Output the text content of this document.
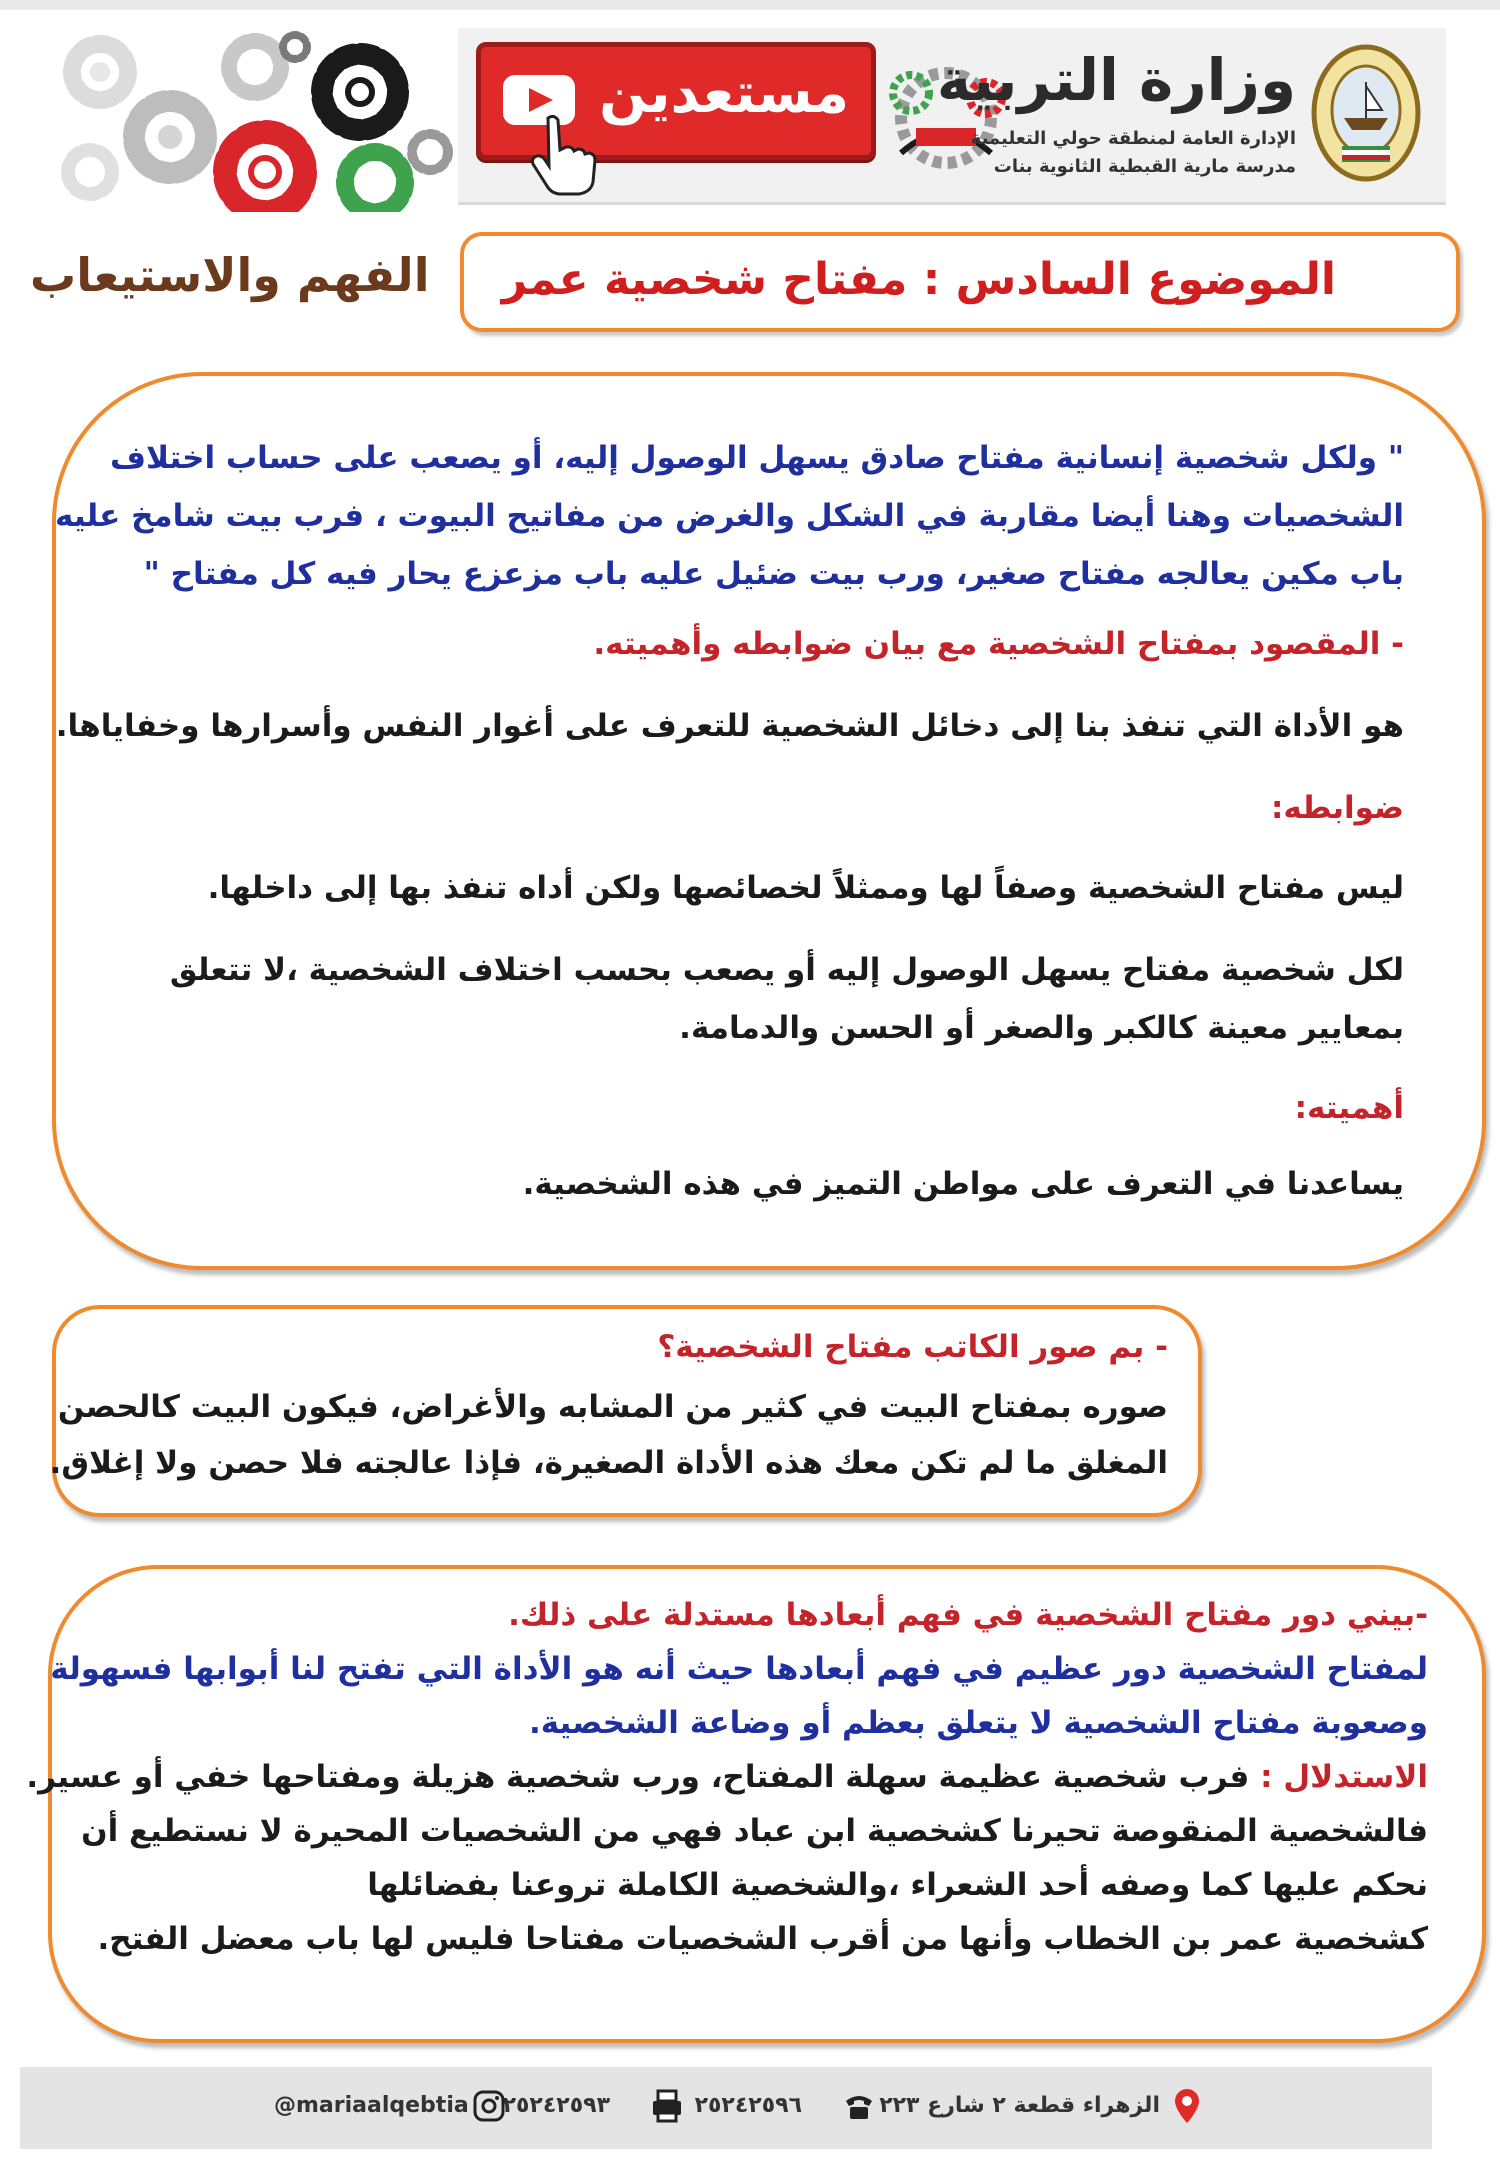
مستعدين وزارة التربية
الإدارة العامة لمنطقة حولي التعليمية
مدرسة مارية القبطية الثانوية بنات
الفهم والاستيعاب الموضوع السادس : مفتاح شخصية عمر
" ولكل شخصية إنسانية مفتاح صادق يسهل الوصول إليه، أو يصعب على حساب اختلاف
الشخصيات وهنا أيضا مقاربة في الشكل والغرض من مفاتيح البيوت ، فرب بيت شامخ عليه
باب مكين يعالجه مفتاح صغير، ورب بيت ضئيل عليه باب مزعزع يحار فيه كل مفتاح "
- المقصود بمفتاح الشخصية مع بيان ضوابطه وأهميته.
هو الأداة التي تنفذ بنا إلى دخائل الشخصية للتعرف على أغوار النفس وأسرارها وخفاياها.
ضوابطه:
ليس مفتاح الشخصية وصفاً لها وممثلاً لخصائصها ولكن أداه تنفذ بها إلى داخلها.
لكل شخصية مفتاح يسهل الوصول إليه أو يصعب بحسب اختلاف الشخصية ،لا تتعلق
بمعايير معينة كالكبر والصغر أو الحسن والدمامة.
أهميته:
يساعدنا في التعرف على مواطن التميز في هذه الشخصية.
- بم صور الكاتب مفتاح الشخصية؟
صوره بمفتاح البيت في كثير من المشابه والأغراض، فيكون البيت كالحصن
المغلق ما لم تكن معك هذه الأداة الصغيرة، فإذا عالجته فلا حصن ولا إغلاق.
-بيني دور مفتاح الشخصية في فهم أبعادها مستدلة على ذلك.
لمفتاح الشخصية دور عظيم في فهم أبعادها حيث أنه هو الأداة التي تفتح لنا أبوابها فسهولة
وصعوبة مفتاح الشخصية لا يتعلق بعظم أو وضاعة الشخصية.
الاستدلال : فرب شخصية عظيمة سهلة المفتاح، ورب شخصية هزيلة ومفتاحها خفي أو عسير.
فالشخصية المنقوصة تحيرنا كشخصية ابن عباد فهي من الشخصيات المحيرة لا نستطيع أن
نحكم عليها كما وصفه أحد الشعراء ،والشخصية الكاملة تروعنا بفضائلها
كشخصية عمر بن الخطاب وأنها من أقرب الشخصيات مفتاحا فليس لها باب معضل الفتح.
الزهراء قطعة ٢ شارع ٢٢٣
٢٥٢٤٢٥٩٦
٢٥٢٤٢٥٩٣
@mariaalqebtia
